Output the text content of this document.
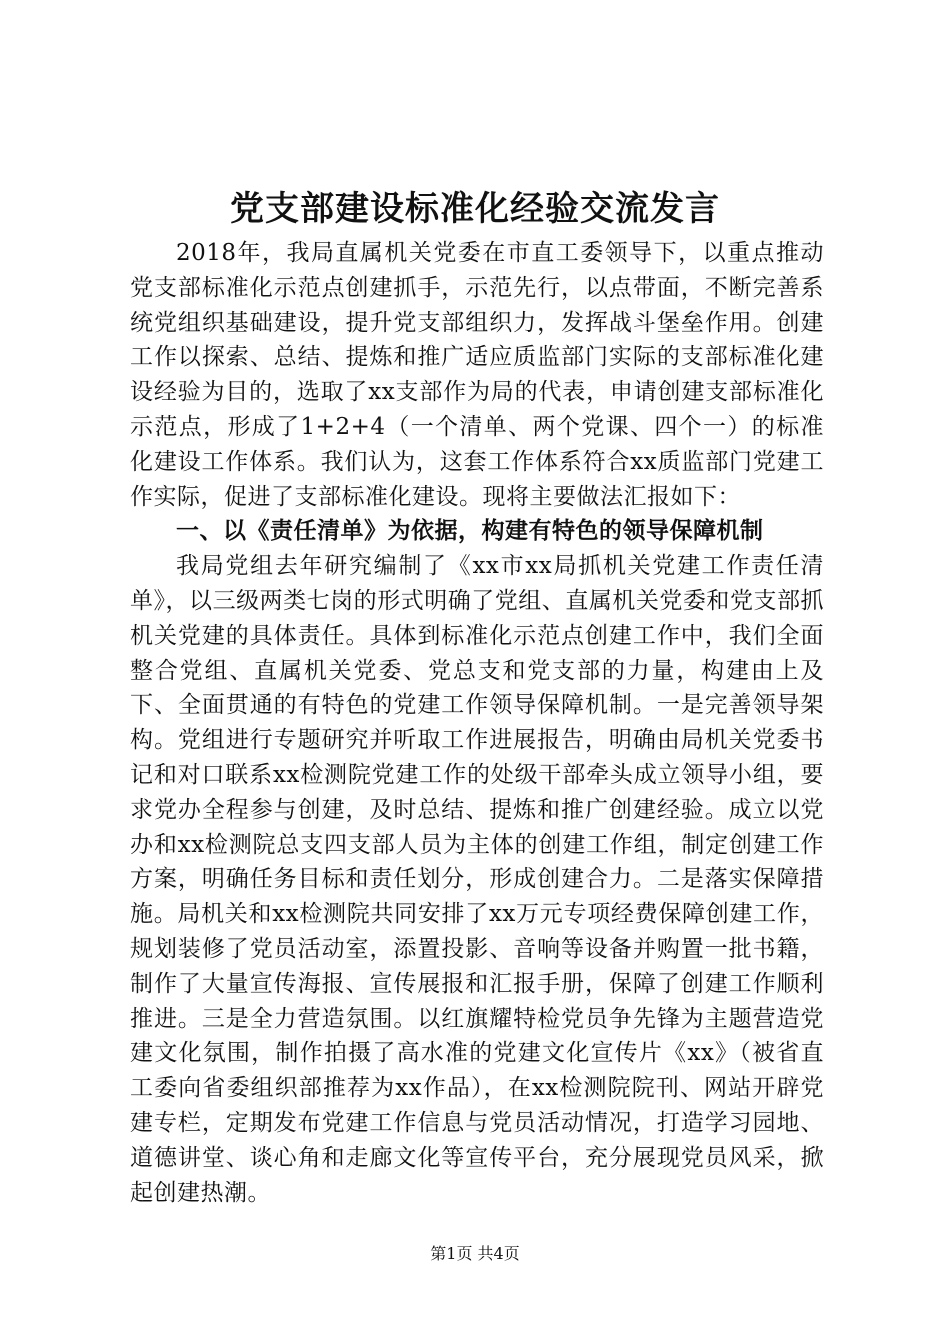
党支部建设标准化经验交流发言

2018年，我局直属机关党委在市直工委领导下，以重点推动党支部标准化示范点创建抓手，示范先行，以点带面，不断完善系统党组织基础建设，提升党支部组织力，发挥战斗堡垒作用。创建工作以探索、总结、提炼和推广适应质监部门实际的支部标准化建设经验为目的，选取了xx支部作为局的代表，申请创建支部标准化示范点，形成了1+2+4（一个清单、两个党课、四个一）的标准化建设工作体系。我们认为，这套工作体系符合xx质监部门党建工作实际，促进了支部标准化建设。现将主要做法汇报如下：

一、以《责任清单》为依据，构建有特色的领导保障机制

我局党组去年研究编制了《xx市xx局抓机关党建工作责任清单》，以三级两类七岗的形式明确了党组、直属机关党委和党支部抓机关党建的具体责任。具体到标准化示范点创建工作中，我们全面整合党组、直属机关党委、党总支和党支部的力量，构建由上及下、全面贯通的有特色的党建工作领导保障机制。一是完善领导架构。党组进行专题研究并听取工作进展报告，明确由局机关党委书记和对口联系xx检测院党建工作的处级干部牵头成立领导小组，要求党办全程参与创建，及时总结、提炼和推广创建经验。成立以党办和xx检测院总支四支部人员为主体的创建工作组，制定创建工作方案，明确任务目标和责任划分，形成创建合力。二是落实保障措施。局机关和xx检测院共同安排了xx万元专项经费保障创建工作，规划装修了党员活动室，添置投影、音响等设备并购置一批书籍，制作了大量宣传海报、宣传展报和汇报手册，保障了创建工作顺利推进。三是全力营造氛围。以红旗耀特检党员争先锋为主题营造党建文化氛围，制作拍摄了高水准的党建文化宣传片《xx》（被省直工委向省委组织部推荐为xx作品），在xx检测院院刊、网站开辟党建专栏，定期发布党建工作信息与党员活动情况，打造学习园地、道德讲堂、谈心角和走廊文化等宣传平台，充分展现党员风采，掀起创建热潮。

第1页 共4页
